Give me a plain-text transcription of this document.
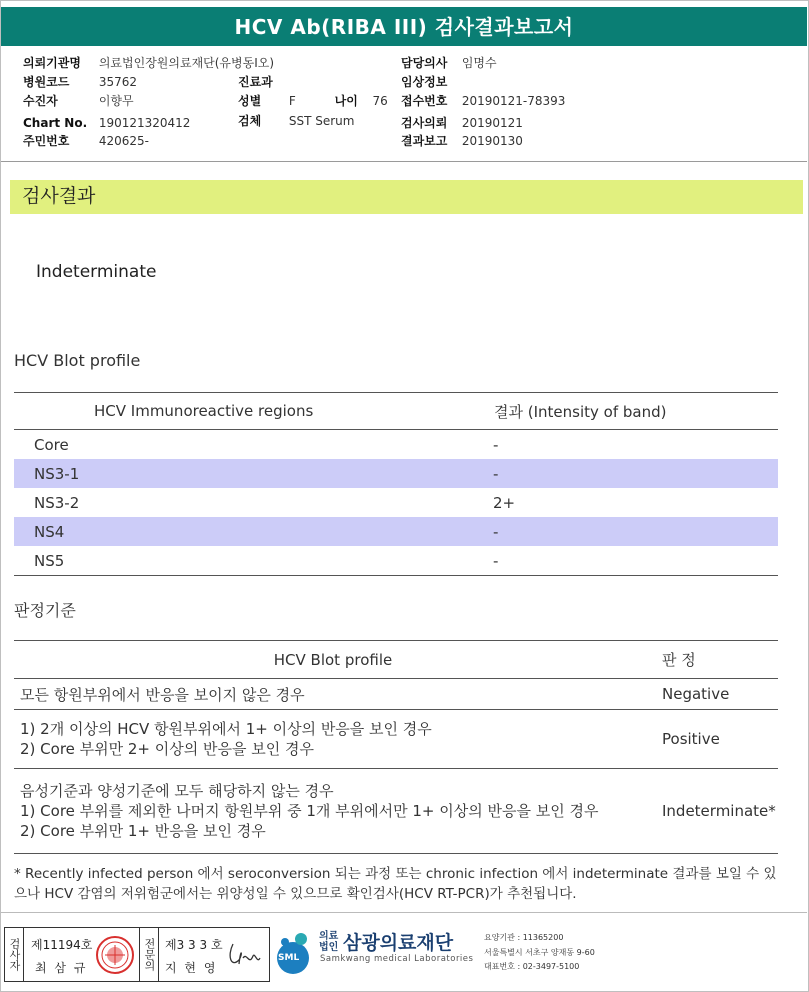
HCV Ab(RIBA III) 검사결과보고서
의뢰기관명 의료법인장원의료재단(유병동I오)
병원코드 35762
수진자	이향무
Chart No. 190121320412
주민번호 420625-
진료과
성별 F	나이 76
검체 SST Serum
담당의사 임명수
임상정보
접수번호 20190121-78393
검사의뢰 20190121
결과보고 20190130
검사결과
Indeterminate
HCV Blot profile
HCV Immunoreactive regions	결과 (Intensity of band)
Core	-
NS3-1	-
NS3-2	2+
NS4	-
NS5	-
판정기준
HCV Blot profile	판 정

모든 항원부위에서 반응을 보이지 않은 경우	Negative

1) 2개 이상의 HCV 항원부위에서 1+ 이상의 반응을 보인 경우
2) Core 부위만 2+ 이상의 반응을 보인 경우	Positive

음성기준과 양성기준에 모두 해당하지 않는 경우
1) Core 부위를 제외한 나머지 항원부위 중 1개 부위에서만 1+ 이상의 반응을 보인 경우
2) Core 부위만 1+ 반응을 보인 경우	Indeterminate*
* Recently infected person 에서 seroconversion 되는 과정 또는 chronic infection 에서 indeterminate 결과를 보일 수 있으나 HCV 감염의 저위험군에서는 위양성일 수 있으므로 확인검사(HCV RT-PCR)가 추천됩니다.
검사자 제11194호
최 삼 규	전문의 제3 3 3 호
지 현 영
SML
의료
법인 삼광의료재단
Samkwang medical Laboratories
요양기관 : 11365200
서울특별시 서초구 양재동 9-60
대표번호 : 02-3497-5100
